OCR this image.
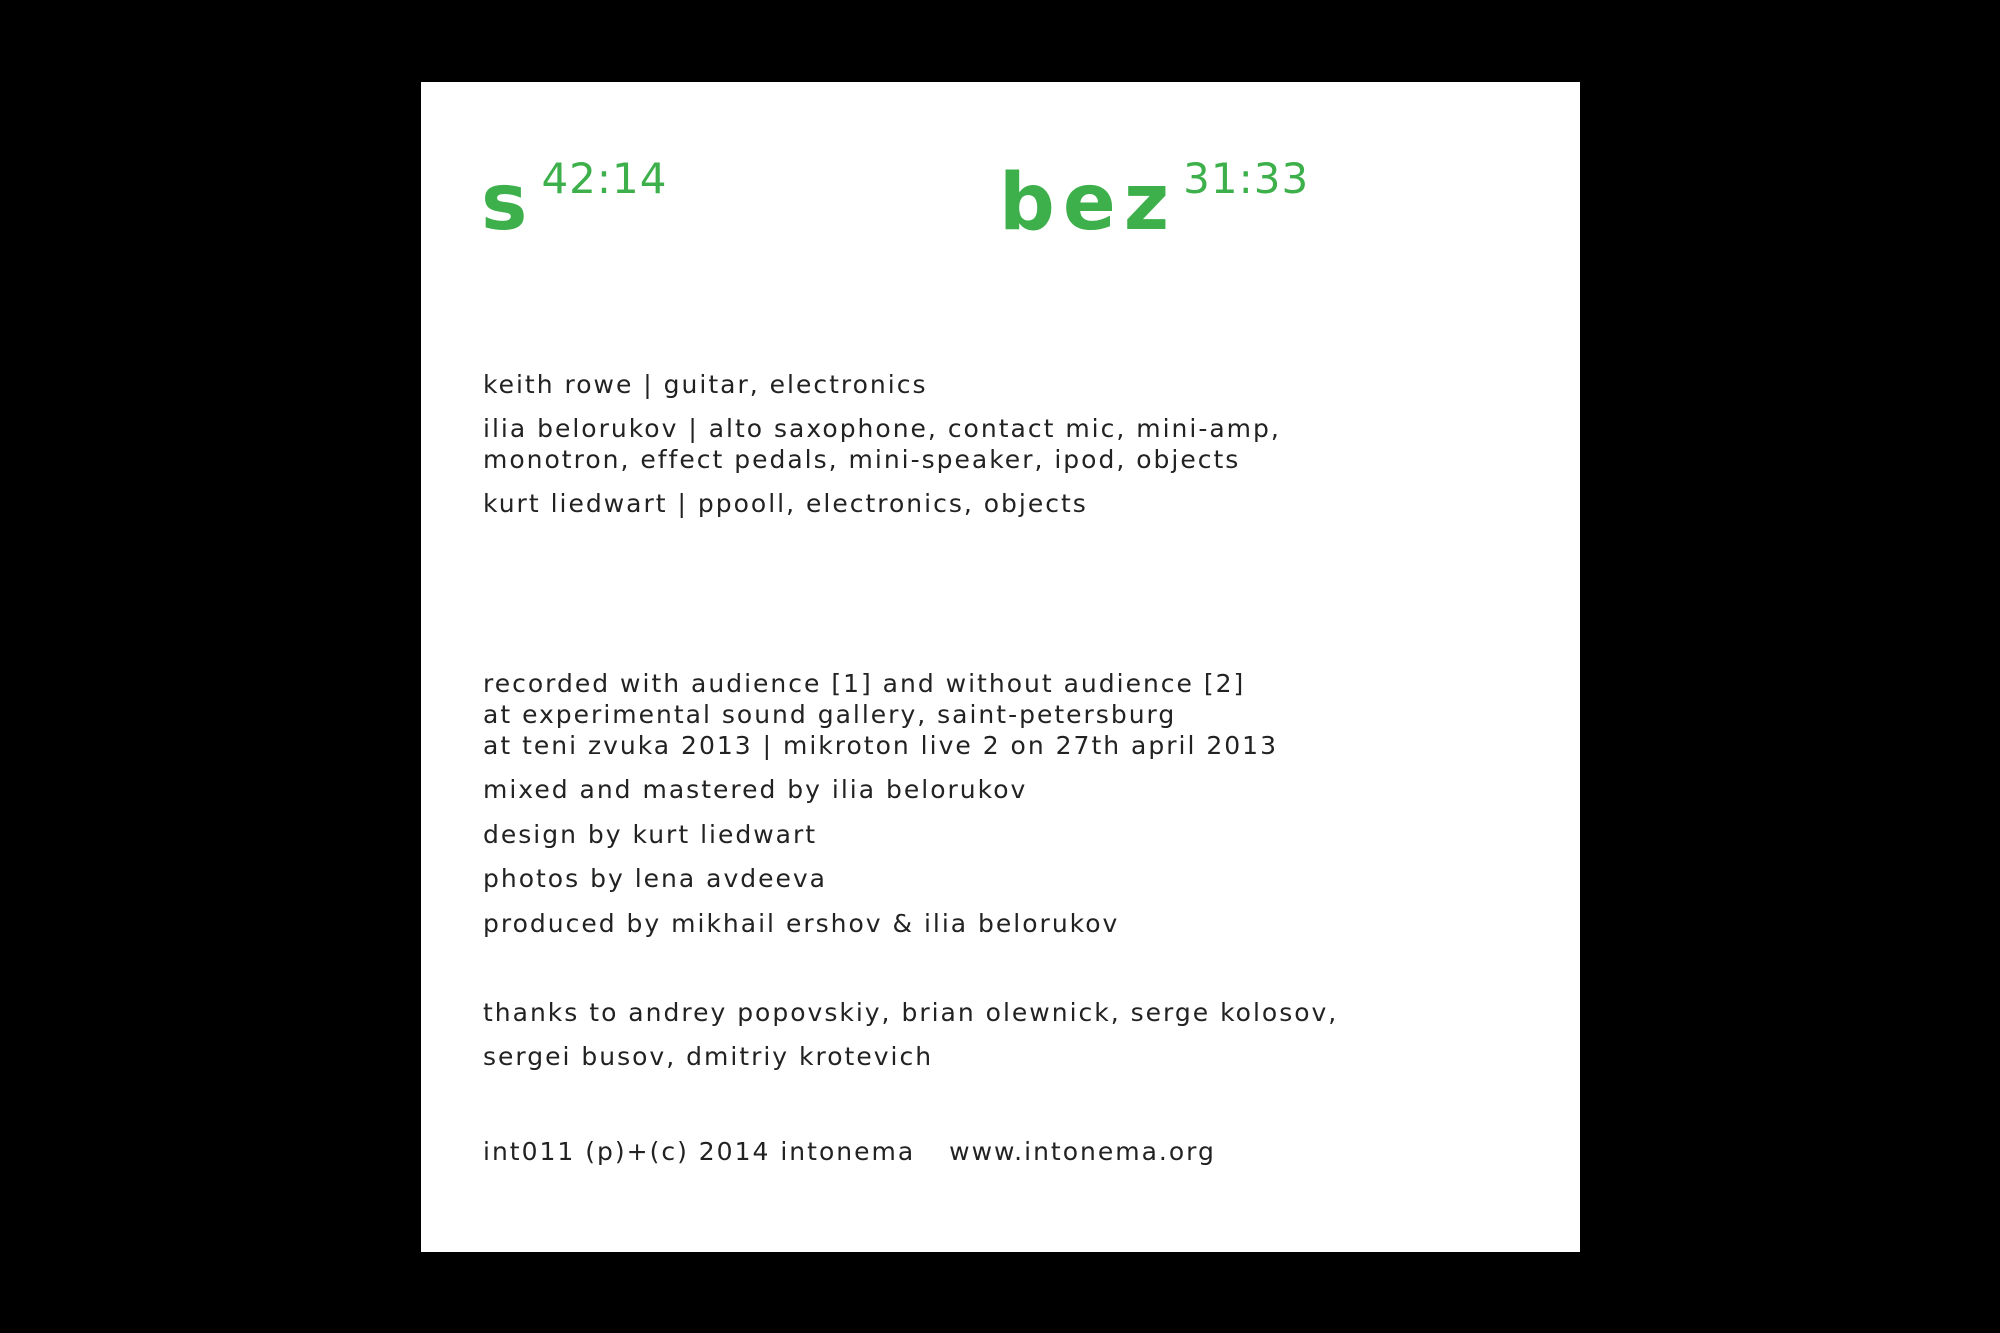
s 42:14	bez 31:33
keith rowe | guitar, electronics
ilia belorukov | alto saxophone, contact mic, mini-amp,
monotron, effect pedals, mini-speaker, ipod, objects
kurt liedwart | ppooll, electronics, objects
recorded with audience [1] and without audience [2]
at experimental sound gallery, saint-petersburg
at teni zvuka 2013 | mikroton live 2 on 27th april 2013
mixed and mastered by ilia belorukov
design by kurt liedwart
photos by lena avdeeva
produced by mikhail ershov & ilia belorukov
thanks to andrey popovskiy, brian olewnick, serge kolosov,
sergei busov, dmitriy krotevich
int011 (p)+(c) 2014 intonema www.intonema.org
